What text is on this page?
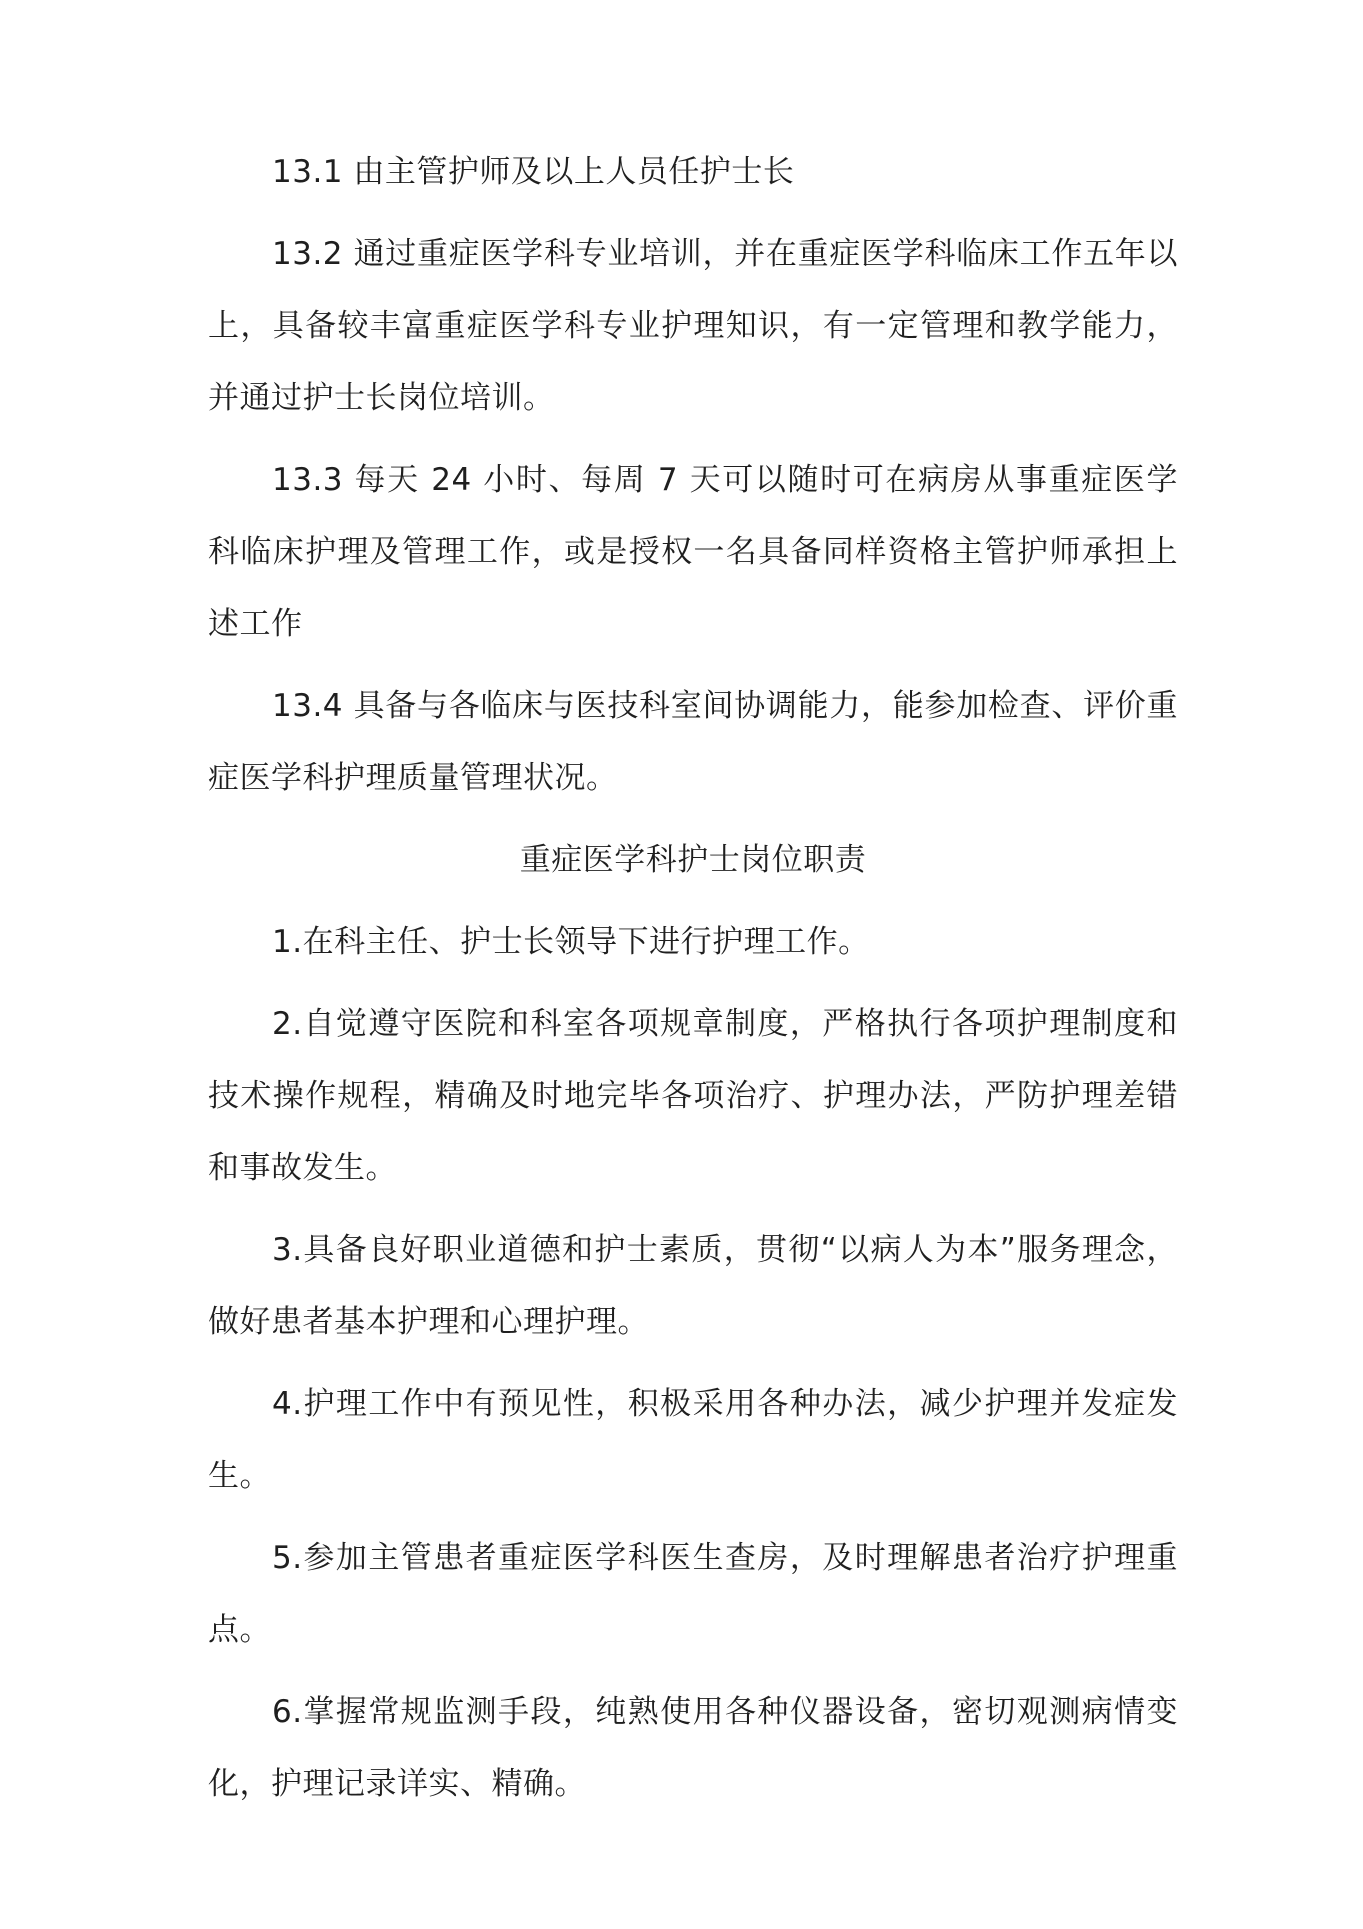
13.1 由主管护师及以上人员任护士长

13.2 通过重症医学科专业培训，并在重症医学科临床工作五年以上，具备较丰富重症医学科专业护理知识，有一定管理和教学能力，并通过护士长岗位培训。

13.3 每天 24 小时、每周 7 天可以随时可在病房从事重症医学科临床护理及管理工作，或是授权一名具备同样资格主管护师承担上述工作

13.4 具备与各临床与医技科室间协调能力，能参加检查、评价重症医学科护理质量管理状况。

重症医学科护士岗位职责

1.在科主任、护士长领导下进行护理工作。

2.自觉遵守医院和科室各项规章制度，严格执行各项护理制度和技术操作规程，精确及时地完毕各项治疗、护理办法，严防护理差错和事故发生。

3.具备良好职业道德和护士素质，贯彻“以病人为本”服务理念，做好患者基本护理和心理护理。

4.护理工作中有预见性，积极采用各种办法，减少护理并发症发生。

5.参加主管患者重症医学科医生查房，及时理解患者治疗护理重点。

6.掌握常规监测手段，纯熟使用各种仪器设备，密切观测病情变化，护理记录详实、精确。
